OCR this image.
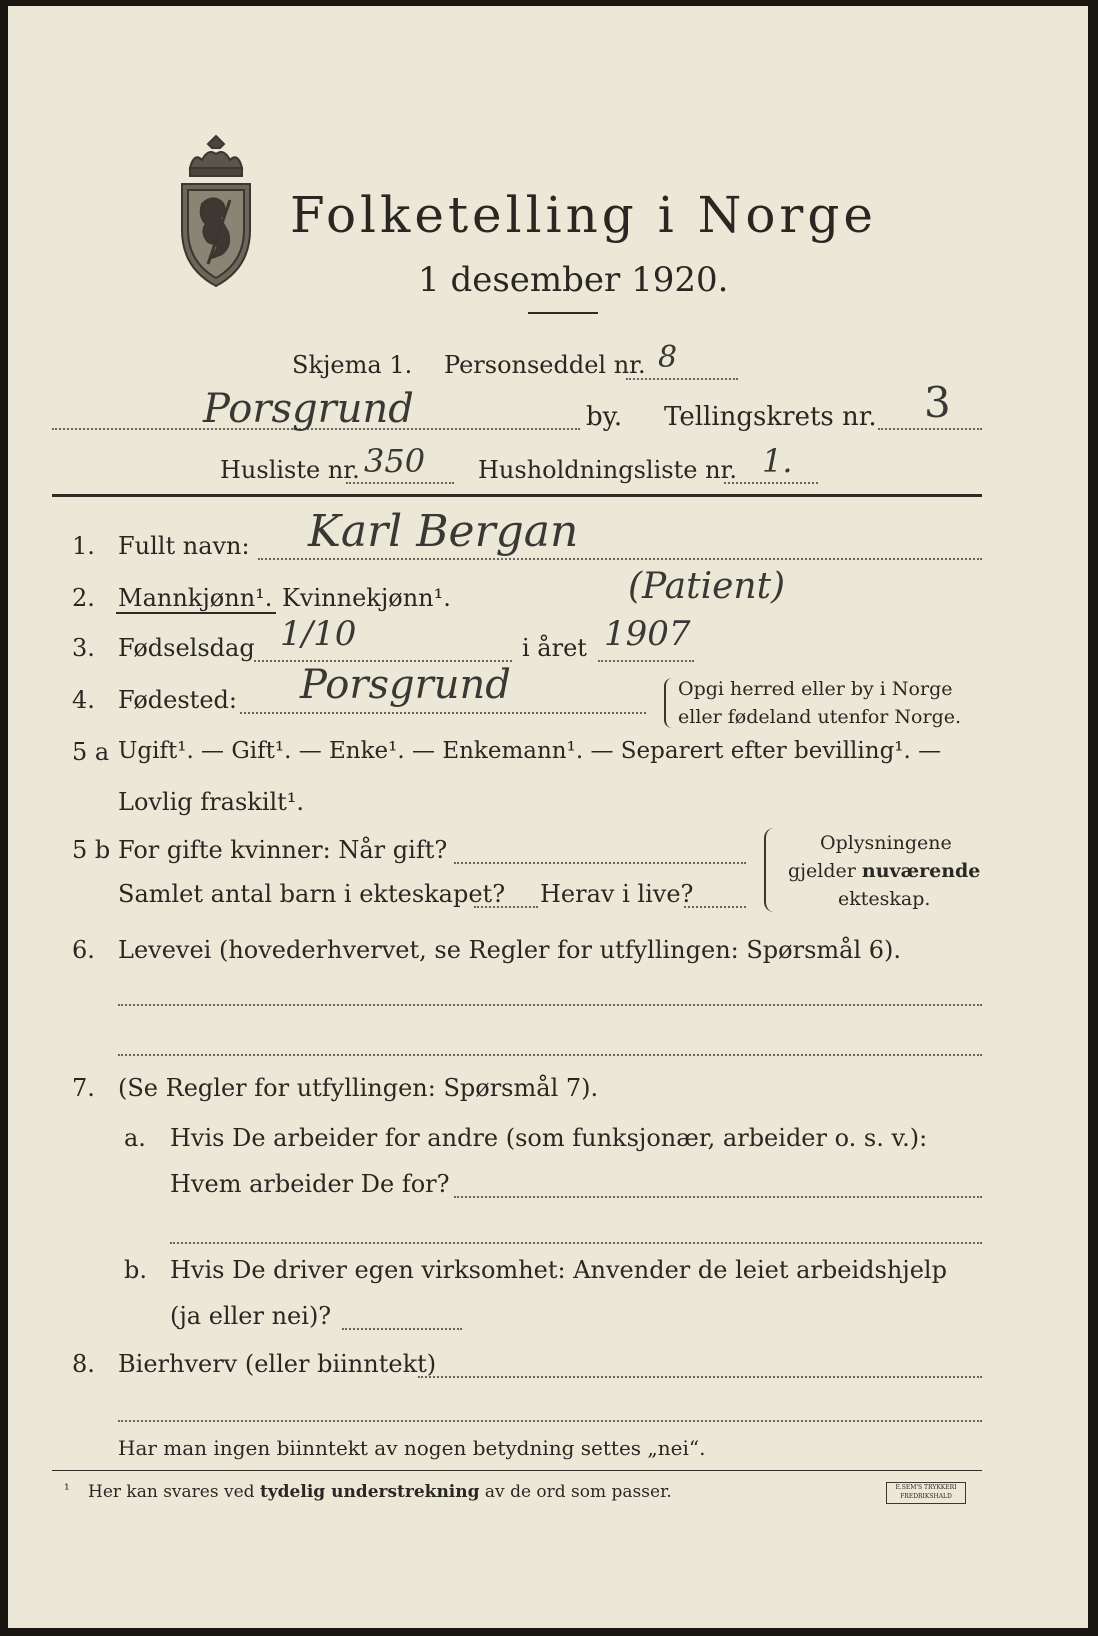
Folketelling i Norge
1 desember 1920.
Skjema 1. Personseddel nr. 8
Porsgrund	by. Tellingskrets nr. 3
Husliste nr. 350 Husholdningsliste nr. 1.
1. Fullt navn: Karl Bergan
2. Mannkjønn¹. Kvinnekjønn¹.	(Patient)
3. Fødselsdag 1/10	i året 1907
4. Fødested: Porsgrund	Opgi herred eller by i Norge
eller fødeland utenfor Norge.
5 a Ugift¹. — Gift¹. — Enke¹. — Enkemann¹. — Separert efter bevilling¹. —
Lovlig fraskilt¹.
5 b For gifte kvinner: Når gift?
Samlet antal barn i ekteskapet? Herav i live?
Oplysningene
gjelder nuværende
ekteskap.
6. Levevei (hovederhvervet, se Regler for utfyllingen: Spørsmål 6).
7. (Se Regler for utfyllingen: Spørsmål 7).
a. Hvis De arbeider for andre (som funksjonær, arbeider o. s. v.):
Hvem arbeider De for?
b. Hvis De driver egen virksomhet: Anvender de leiet arbeidshjelp
(ja eller nei)?
8. Bierhverv (eller biinntekt)
Har man ingen biinntekt av nogen betydning settes „nei“.
¹ Her kan svares ved tydelig understrekning av de ord som passer.	E.SEM'S TRYKKERI
FREDRIKSHALD
